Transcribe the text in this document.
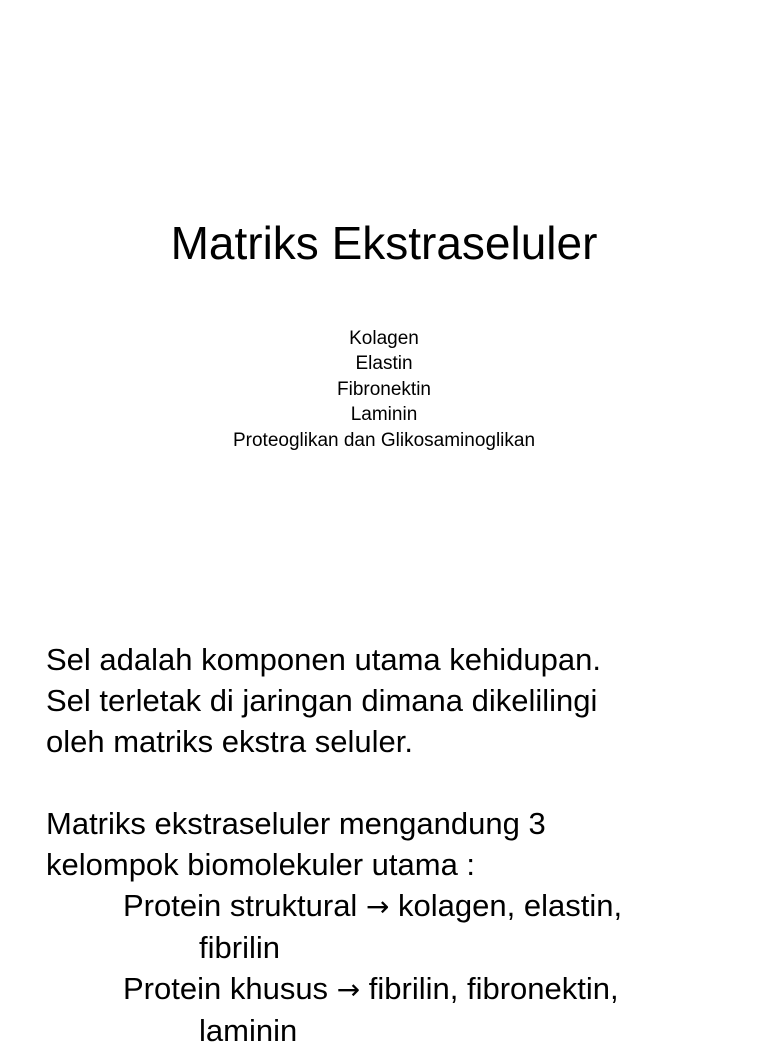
Matriks Ekstraseluler
Kolagen
Elastin
Fibronektin
Laminin
Proteoglikan dan Glikosaminoglikan
Sel adalah komponen utama kehidupan.
Sel terletak di jaringan dimana dikelilingi
oleh matriks ekstra seluler.
Matriks ekstraseluler mengandung 3
kelompok biomolekuler utama :
Protein struktural → kolagen, elastin,
fibrilin
Protein khusus → fibrilin, fibronektin,
laminin
